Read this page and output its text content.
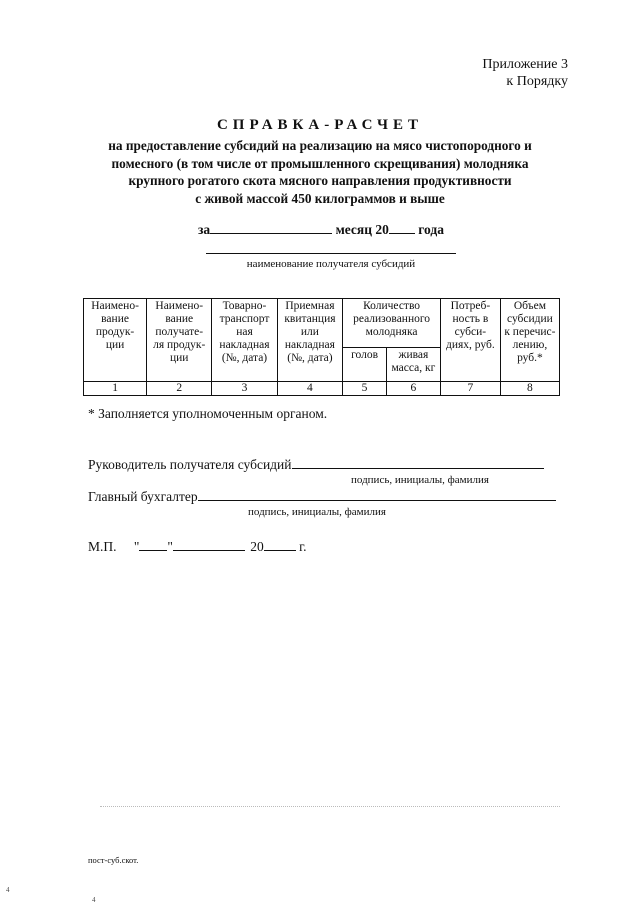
Приложение 3
к Порядку
СПРАВКА-РАСЧЕТ
на предоставление субсидий на реализацию на мясо чистопородного и
помесного (в том числе от промышленного скрещивания) молодняка
крупного рогатого скота мясного направления продуктивности
с живой массой 450 килограммов и выше
за	месяц 20 года
наименование получателя субсидий
Наимено- вание продук- ции	Наимено- вание получате- ля продук- ции	Товарно- транспорт ная накладная (№, дата)	Приемная квитанция или накладная (№, дата)	Количество реализованного молодняка		Потреб- ность в субси- диях, руб.	Объем субсидии к перечис- лению, руб.*
				голов	живая масса, кг		
1	2	3	4	5	6	7	8
* Заполняется уполномоченным органом.
Руководитель получателя субсидий
подпись, инициалы, фамилия
Главный бухгалтер
подпись, инициалы, фамилия
М.П. " "	20	г.
пост-суб.скот.
4
4
